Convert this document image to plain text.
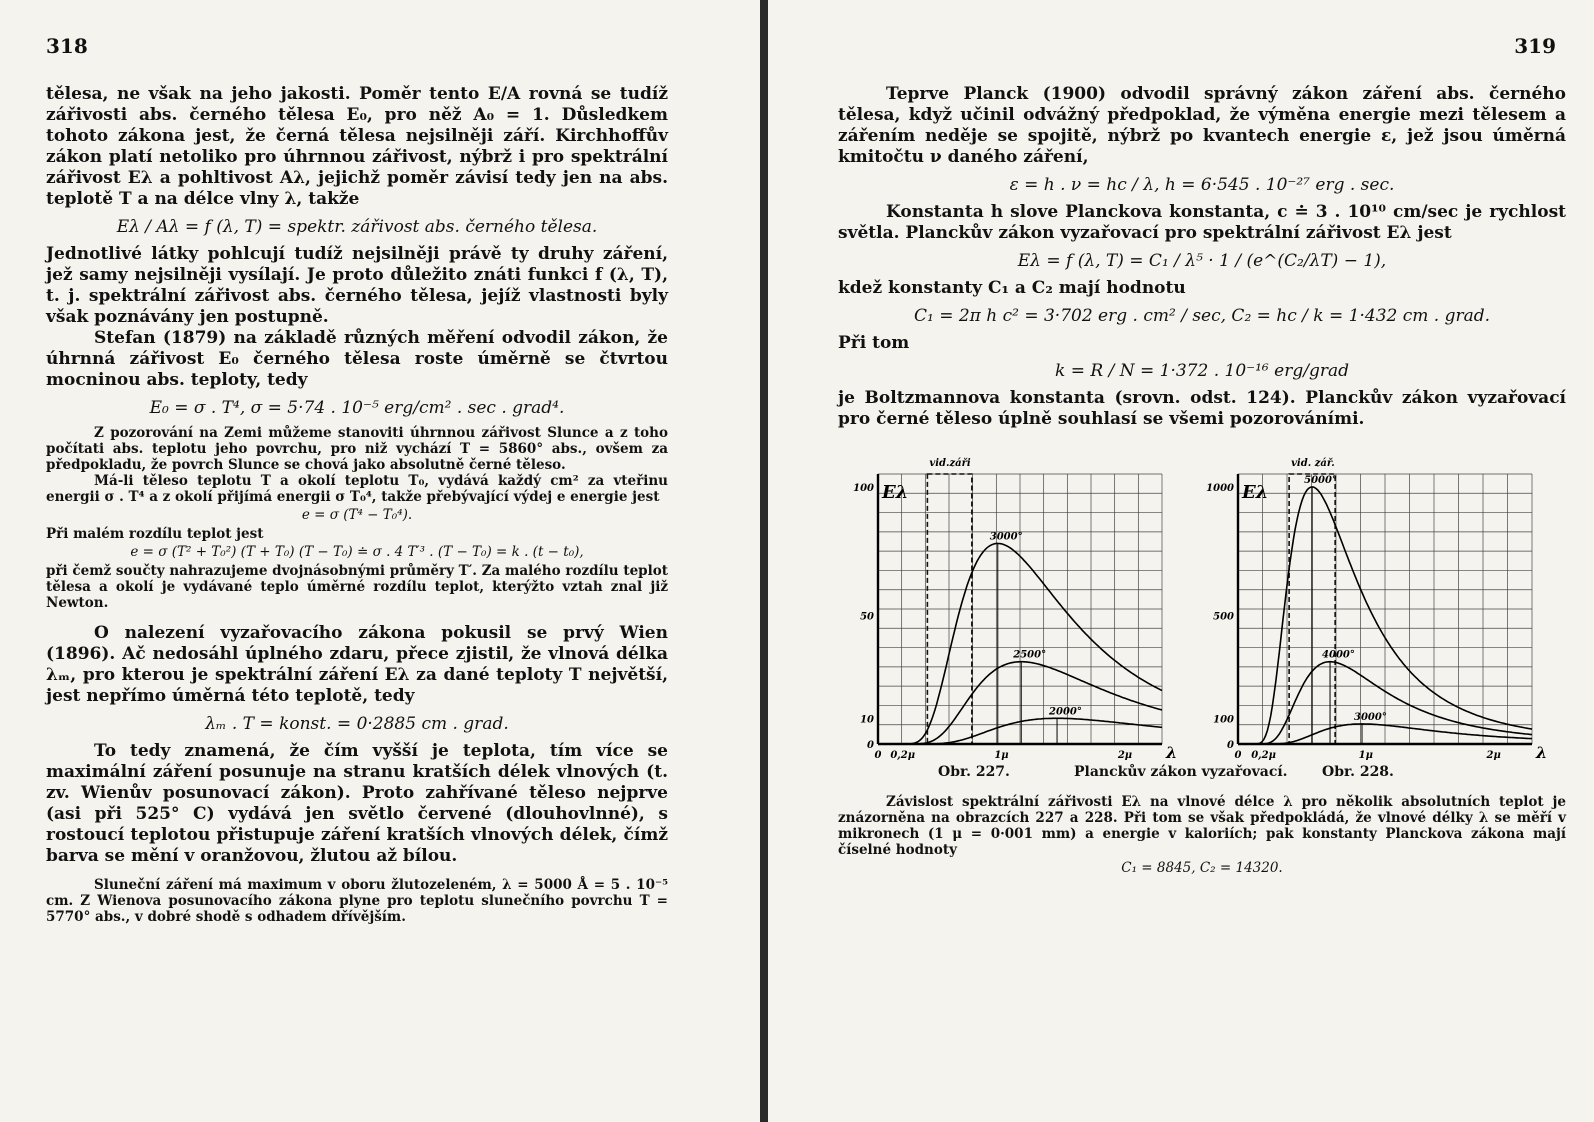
318

tělesa, ne však na jeho jakosti. Poměr tento E/A rovná se tudíž zářivosti abs. černého tělesa E₀, pro něž A₀ = 1. Důsledkem tohoto zákona jest, že černá tělesa nejsilněji září. Kirchhoffův zákon platí netoliko pro úhrnnou zářivost, nýbrž i pro spektrální zářivost Eλ a pohltivost Aλ, jejichž poměr závisí tedy jen na abs. teplotě T a na délce vlny λ, takže

Eλ / Aλ = f (λ, T) = spektr. zářivost abs. černého tělesa.

Jednotlivé látky pohlcují tudíž nejsilněji právě ty druhy záření, jež samy nejsilněji vysílají. Je proto důležito znáti funkci f (λ, T), t. j. spektrální zářivost abs. černého tělesa, jejíž vlastnosti byly však poznávány jen postupně.

Stefan (1879) na základě různých měření odvodil zákon, že úhrnná zářivost E₀ černého tělesa roste úměrně se čtvrtou mocninou abs. teploty, tedy

E₀ = σ . T⁴, σ = 5·74 . 10⁻⁵ erg/cm² . sec . grad⁴.

Z pozorování na Zemi můžeme stanoviti úhrnnou zářivost Slunce a z toho počítati abs. teplotu jeho povrchu, pro niž vychází T = 5860° abs., ovšem za předpokladu, že povrch Slunce se chová jako absolutně černé těleso.

Má-li těleso teplotu T a okolí teplotu T₀, vydává každý cm² za vteřinu energii σ . T⁴ a z okolí přijímá energii σ T₀⁴, takže přebývající výdej e energie jest

e = σ (T⁴ − T₀⁴).

Při malém rozdílu teplot jest

e = σ (T² + T₀²) (T + T₀) (T − T₀) ≐ σ . 4 T′³ . (T − T₀) = k . (t − t₀),

při čemž součty nahrazujeme dvojnásobnými průměry T′. Za malého rozdílu teplot tělesa a okolí je vydávané teplo úměrné rozdílu teplot, kterýžto vztah znal již Newton.

O nalezení vyzařovacího zákona pokusil se prvý Wien (1896). Ač nedosáhl úplného zdaru, přece zjistil, že vlnová délka λₘ, pro kterou je spektrální záření Eλ za dané teploty T největší, jest nepřímo úměrná této teplotě, tedy

λₘ . T = konst. = 0·2885 cm . grad.

To tedy znamená, že čím vyšší je teplota, tím více se maximální záření posunuje na stranu kratších délek vlnových (t. zv. Wienův posunovací zákon). Proto zahřívané těleso nejprve (asi při 525° C) vydává jen světlo červené (dlouhovlnné), s rostoucí teplotou přistupuje záření kratších vlnových délek, čímž barva se mění v oranžovou, žlutou až bílou.

Sluneční záření má maximum v oboru žlutozeleném, λ = 5000 Å = 5 . 10⁻⁵ cm. Z Wienova posunovacího zákona plyne pro teplotu slunečního povrchu T = 5770° abs., v dobré shodě s odhadem dřívějším.

319

Teprve Planck (1900) odvodil správný zákon záření abs. černého tělesa, když učinil odvážný předpoklad, že výměna energie mezi tělesem a zářením neděje se spojitě, nýbrž po kvantech energie ε, jež jsou úměrná kmitočtu ν daného záření,

ε = h . ν = hc / λ, h = 6·545 . 10⁻²⁷ erg . sec.

Konstanta h slove Planckova konstanta, c ≐ 3 . 10¹⁰ cm/sec je rychlost světla. Planckův zákon vyzařovací pro spektrální zářivost Eλ jest

Eλ = f (λ, T) = C₁ / λ⁵ · 1 / (e^(C₂/λT) − 1),

kdež konstanty C₁ a C₂ mají hodnotu

C₁ = 2π h c² = 3·702 erg . cm² / sec, C₂ = hc / k = 1·432 cm . grad.

Při tom

k = R / N = 1·372 . 10⁻¹⁶ erg/grad

je Boltzmannova konstanta (srovn. odst. 124). Planckův zákon vyzařovací pro černé těleso úplně souhlasí se všemi pozorováními.

vid.záři
0
10
50
100
0 0,2μ	1μ	2μ λ
Eλ
3000°
2500°
2000°
vid. zář.
0
100
500
1000
0 0,2μ	1μ	2μ λ
Eλ
5000°
4000°
3000°
Obr. 227.	Planckův zákon vyzařovací. Obr. 228.

Závislost spektrální zářivosti Eλ na vlnové délce λ pro několik absolutních teplot je znázorněna na obrazcích 227 a 228. Při tom se však předpokládá, že vlnové délky λ se měří v mikronech (1 μ = 0·001 mm) a energie v kaloriích; pak konstanty Planckova zákona mají číselné hodnoty

C₁ = 8845, C₂ = 14320.
